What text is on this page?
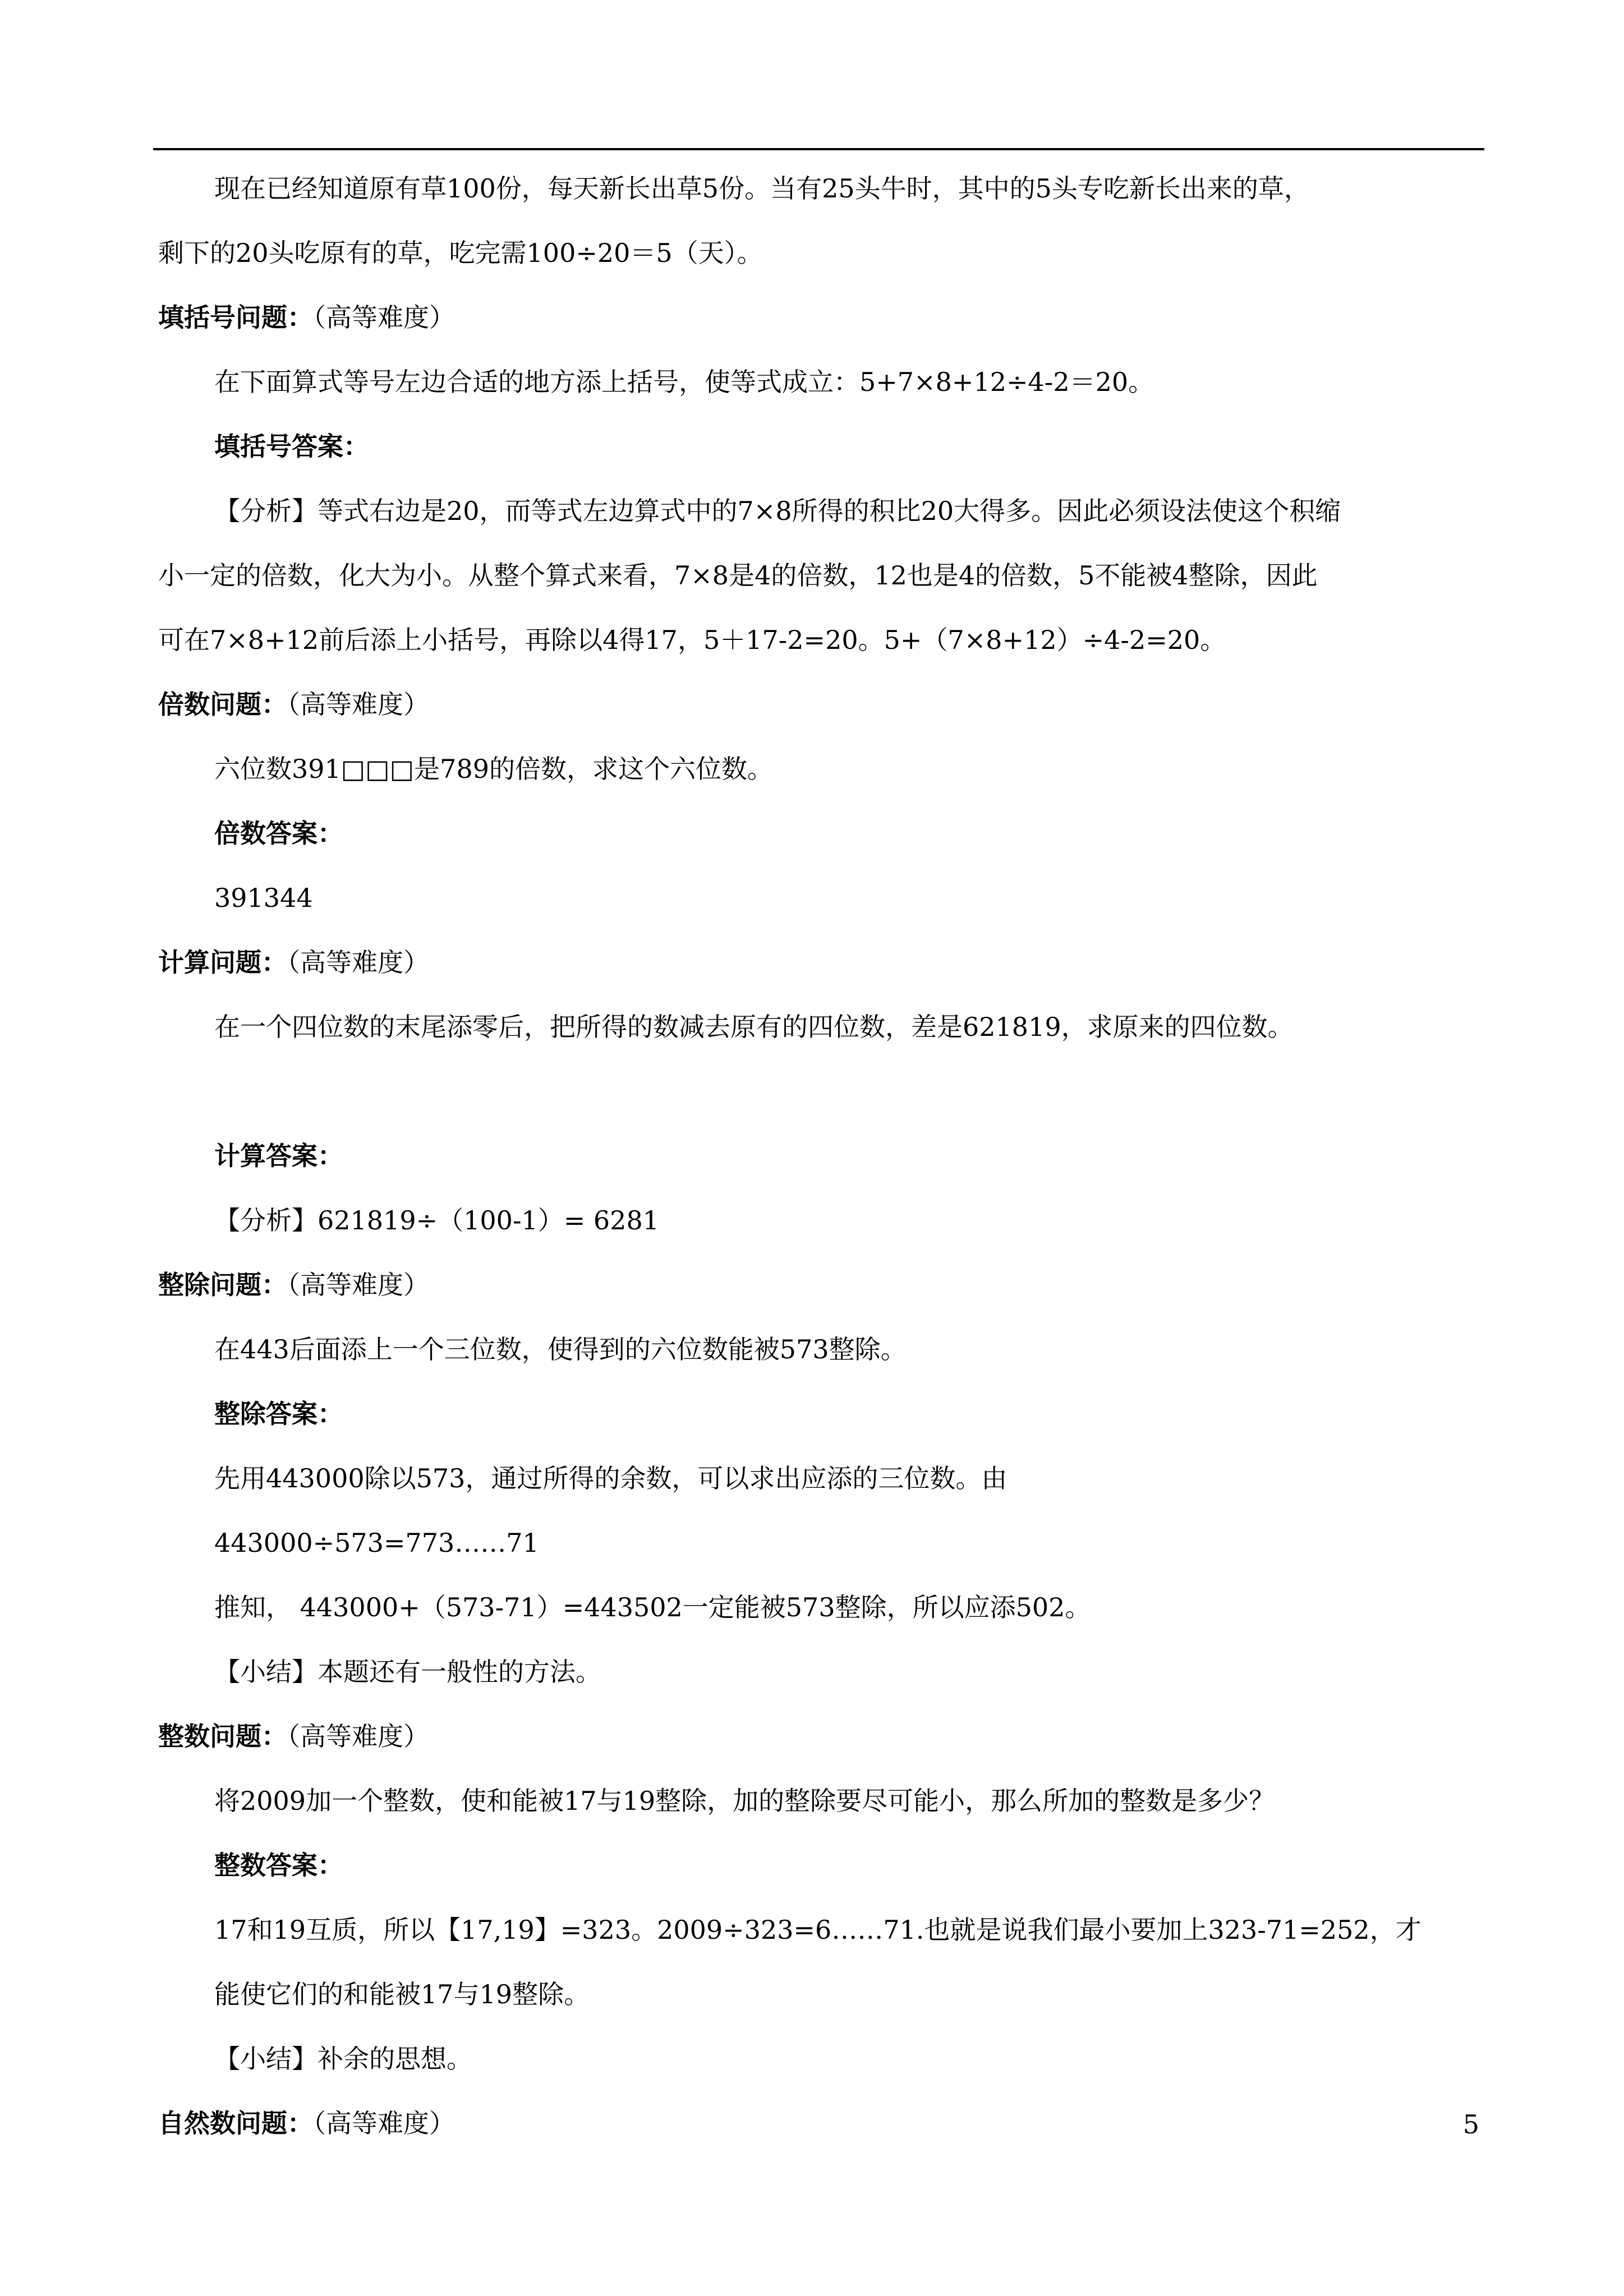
现在已经知道原有草100份，每天新长出草5份。当有25头牛时，其中的5头专吃新长出来的草，
剩下的20头吃原有的草，吃完需100÷20＝5（天）。
填括号问题：（高等难度）
在下面算式等号左边合适的地方添上括号，使等式成立：5+7×8+12÷4-2＝20。
填括号答案：
【分析】等式右边是20，而等式左边算式中的7×8所得的积比20大得多。因此必须设法使这个积缩
小一定的倍数，化大为小。从整个算式来看，7×8是4的倍数，12也是4的倍数，5不能被4整除，因此
可在7×8+12前后添上小括号，再除以4得17，5＋17-2=20。5+（7×8+12）÷4-2=20。
倍数问题：（高等难度）
六位数391□□□是789的倍数，求这个六位数。
倍数答案：
391344
计算问题：（高等难度）
在一个四位数的末尾添零后，把所得的数减去原有的四位数，差是621819，求原来的四位数。
计算答案：
【分析】621819÷（100-1）= 6281
整除问题：（高等难度）
在443后面添上一个三位数，使得到的六位数能被573整除。
整除答案：
先用443000除以573，通过所得的余数，可以求出应添的三位数。由
443000÷573=773……71
推知， 443000+（573-71）=443502一定能被573整除，所以应添502。
【小结】本题还有一般性的方法。
整数问题：（高等难度）
将2009加一个整数，使和能被17与19整除，加的整除要尽可能小，那么所加的整数是多少？
整数答案：
17和19互质，所以【17,19】=323。2009÷323=6……71.也就是说我们最小要加上323-71=252，才
能使它们的和能被17与19整除。
【小结】补余的思想。
自然数问题：（高等难度）	5
